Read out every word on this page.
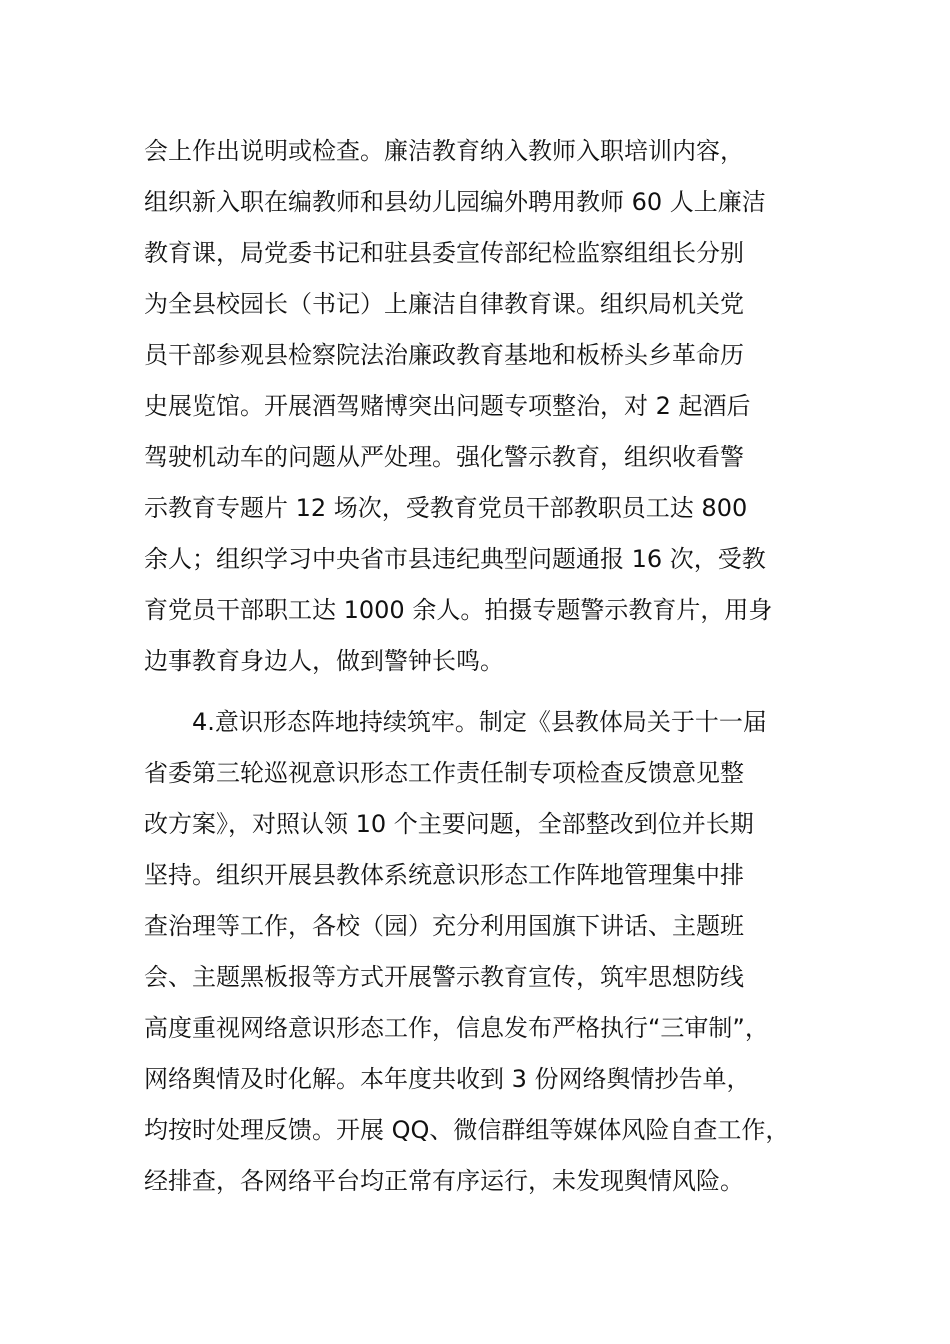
会上作出说明或检查。廉洁教育纳入教师入职培训内容，
组织新入职在编教师和县幼儿园编外聘用教师 60 人上廉洁
教育课，局党委书记和驻县委宣传部纪检监察组组长分别
为全县校园长（书记）上廉洁自律教育课。组织局机关党
员干部参观县检察院法治廉政教育基地和板桥头乡革命历
史展览馆。开展酒驾赌博突出问题专项整治，对 2 起酒后
驾驶机动车的问题从严处理。强化警示教育，组织收看警
示教育专题片 12 场次，受教育党员干部教职员工达 800
余人；组织学习中央省市县违纪典型问题通报 16 次，受教
育党员干部职工达 1000 余人。拍摄专题警示教育片，用身
边事教育身边人，做到警钟长鸣。
4.意识形态阵地持续筑牢。制定《县教体局关于十一届
省委第三轮巡视意识形态工作责任制专项检查反馈意见整
改方案》，对照认领 10 个主要问题，全部整改到位并长期
坚持。组织开展县教体系统意识形态工作阵地管理集中排
查治理等工作，各校（园）充分利用国旗下讲话、主题班
会、主题黑板报等方式开展警示教育宣传，筑牢思想防线
高度重视网络意识形态工作，信息发布严格执行“三审制”，
网络舆情及时化解。本年度共收到 3 份网络舆情抄告单，
均按时处理反馈。开展 QQ、微信群组等媒体风险自查工作，
经排查，各网络平台均正常有序运行，未发现舆情风险。
